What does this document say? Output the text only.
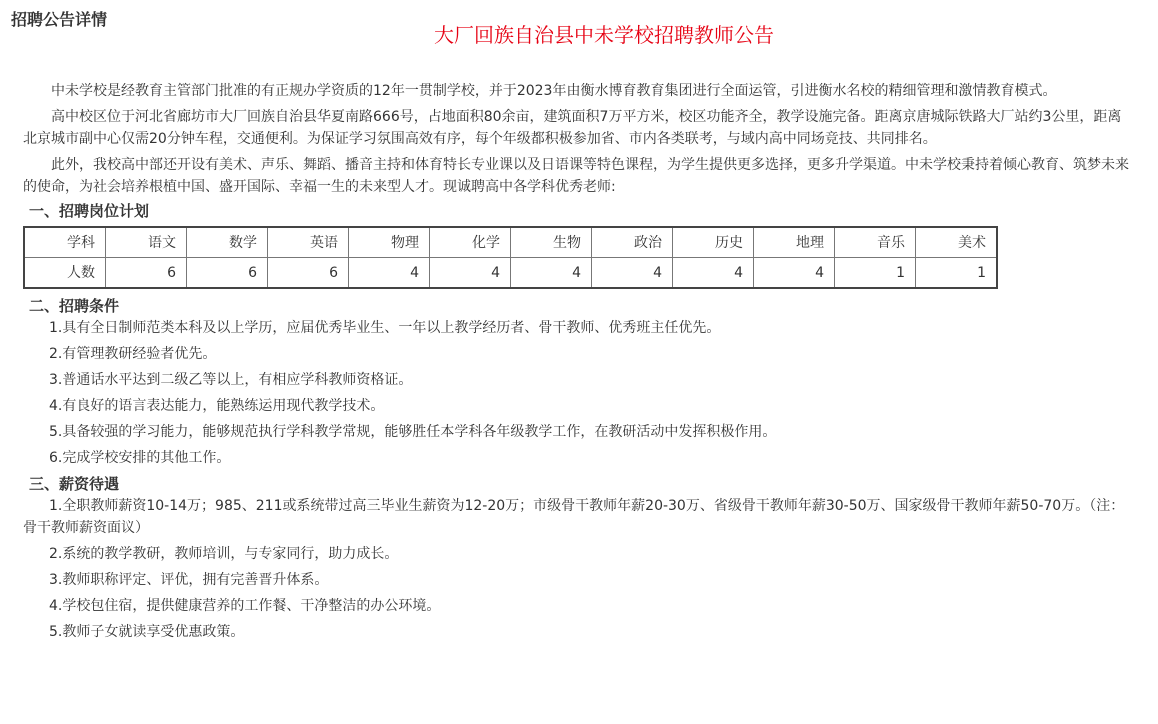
招聘公告详情
大厂回族自治县中未学校招聘教师公告

中未学校是经教育主管部门批准的有正规办学资质的12年一贯制学校，并于2023年由衡水博育教育集团进行全面运管，引进衡水名校的精细管理和激情教育模式。

高中校区位于河北省廊坊市大厂回族自治县华夏南路666号，占地面积80余亩，建筑面积7万平方米，校区功能齐全，教学设施完备。距离京唐城际铁路大厂站约3公里，距离北京城市副中心仅需20分钟车程，交通便利。为保证学习氛围高效有序，每个年级都积极参加省、市内各类联考，与域内高中同场竞技、共同排名。

此外，我校高中部还开设有美术、声乐、舞蹈、播音主持和体育特长专业课以及日语课等特色课程，为学生提供更多选择，更多升学渠道。中未学校秉持着倾心教育、筑梦未来的使命，为社会培养根植中国、盛开国际、幸福一生的未来型人才。现诚聘高中各学科优秀老师:

一、招聘岗位计划
学科	语文	数学	英语	物理	化学	生物	政治	历史	地理	音乐	美术
人数	6	6	6	4	4	4	4	4	4	1	1
二、招聘条件

1.具有全日制师范类本科及以上学历，应届优秀毕业生、一年以上教学经历者、骨干教师、优秀班主任优先。

2.有管理教研经验者优先。

3.普通话水平达到二级乙等以上，有相应学科教师资格证。

4.有良好的语言表达能力，能熟练运用现代教学技术。

5.具备较强的学习能力，能够规范执行学科教学常规，能够胜任本学科各年级教学工作，在教研活动中发挥积极作用。

6.完成学校安排的其他工作。

三、薪资待遇

1.全职教师薪资10-14万；985、211或系统带过高三毕业生薪资为12-20万；市级骨干教师年薪20-30万、省级骨干教师年薪30-50万、国家级骨干教师年薪50-70万。（注：骨干教师薪资面议）

2.系统的教学教研，教师培训，与专家同行，助力成长。

3.教师职称评定、评优，拥有完善晋升体系。

4.学校包住宿，提供健康营养的工作餐、干净整洁的办公环境。

5.教师子女就读享受优惠政策。
